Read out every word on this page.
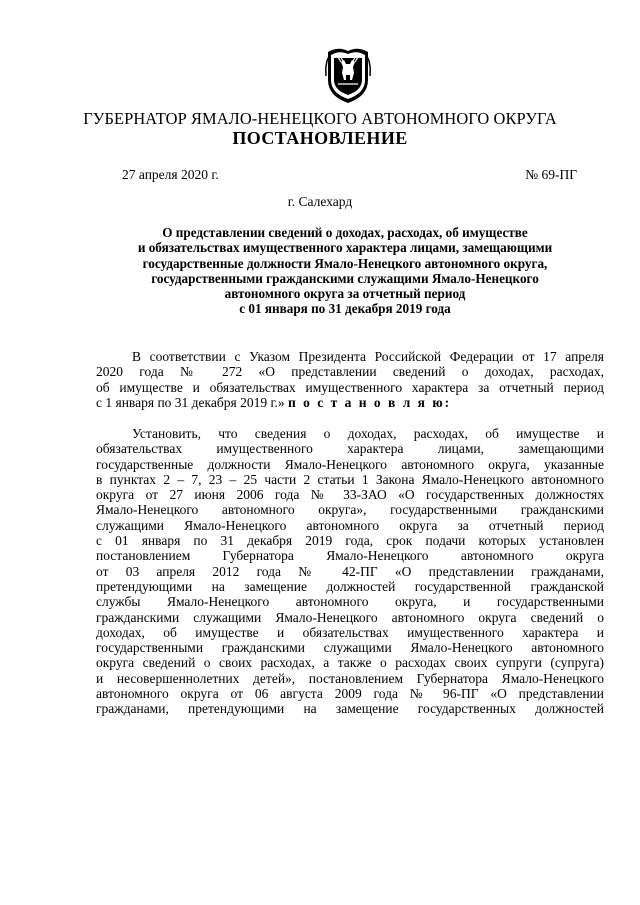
ГУБЕРНАТОР ЯМАЛО-НЕНЕЦКОГО АВТОНОМНОГО ОКРУГА
ПОСТАНОВЛЕНИЕ
27 апреля 2020 г.	№ 69-ПГ
г. Салехард
О представлении сведений о доходах, расходах, об имуществе
и обязательствах имущественного характера лицами, замещающими
государственные должности Ямало-Ненецкого автономного округа,
государственными гражданскими служащими Ямало-Ненецкого
автономного округа за отчетный период
с 01 января по 31 декабря 2019 года
В соответствии с Указом Президента Российской Федерации от 17 апреля
2020 года № 272 «О представлении сведений о доходах, расходах,
об имуществе и обязательствах имущественного характера за отчетный период
с 1 января по 31 декабря 2019 г.» п о с т а н о в л я ю:
Установить, что сведения о доходах, расходах, об имуществе и
обязательствах имущественного характера лицами, замещающими
государственные должности Ямало-Ненецкого автономного округа, указанные
в пунктах 2 – 7, 23 – 25 части 2 статьи 1 Закона Ямало-Ненецкого автономного
округа от 27 июня 2006 года № 33-ЗАО «О государственных должностях
Ямало-Ненецкого автономного округа», государственными гражданскими
служащими Ямало-Ненецкого автономного округа за отчетный период
с 01 января по 31 декабря 2019 года, срок подачи которых установлен
постановлением Губернатора Ямало-Ненецкого автономного округа
от 03 апреля 2012 года № 42-ПГ «О представлении гражданами,
претендующими на замещение должностей государственной гражданской
службы Ямало-Ненецкого автономного округа, и государственными
гражданскими служащими Ямало-Ненецкого автономного округа сведений о
доходах, об имуществе и обязательствах имущественного характера и
государственными гражданскими служащими Ямало-Ненецкого автономного
округа сведений о своих расходах, а также о расходах своих супруги (супруга)
и несовершеннолетних детей», постановлением Губернатора Ямало-Ненецкого
автономного округа от 06 августа 2009 года № 96-ПГ «О представлении
гражданами, претендующими на замещение государственных должностей
